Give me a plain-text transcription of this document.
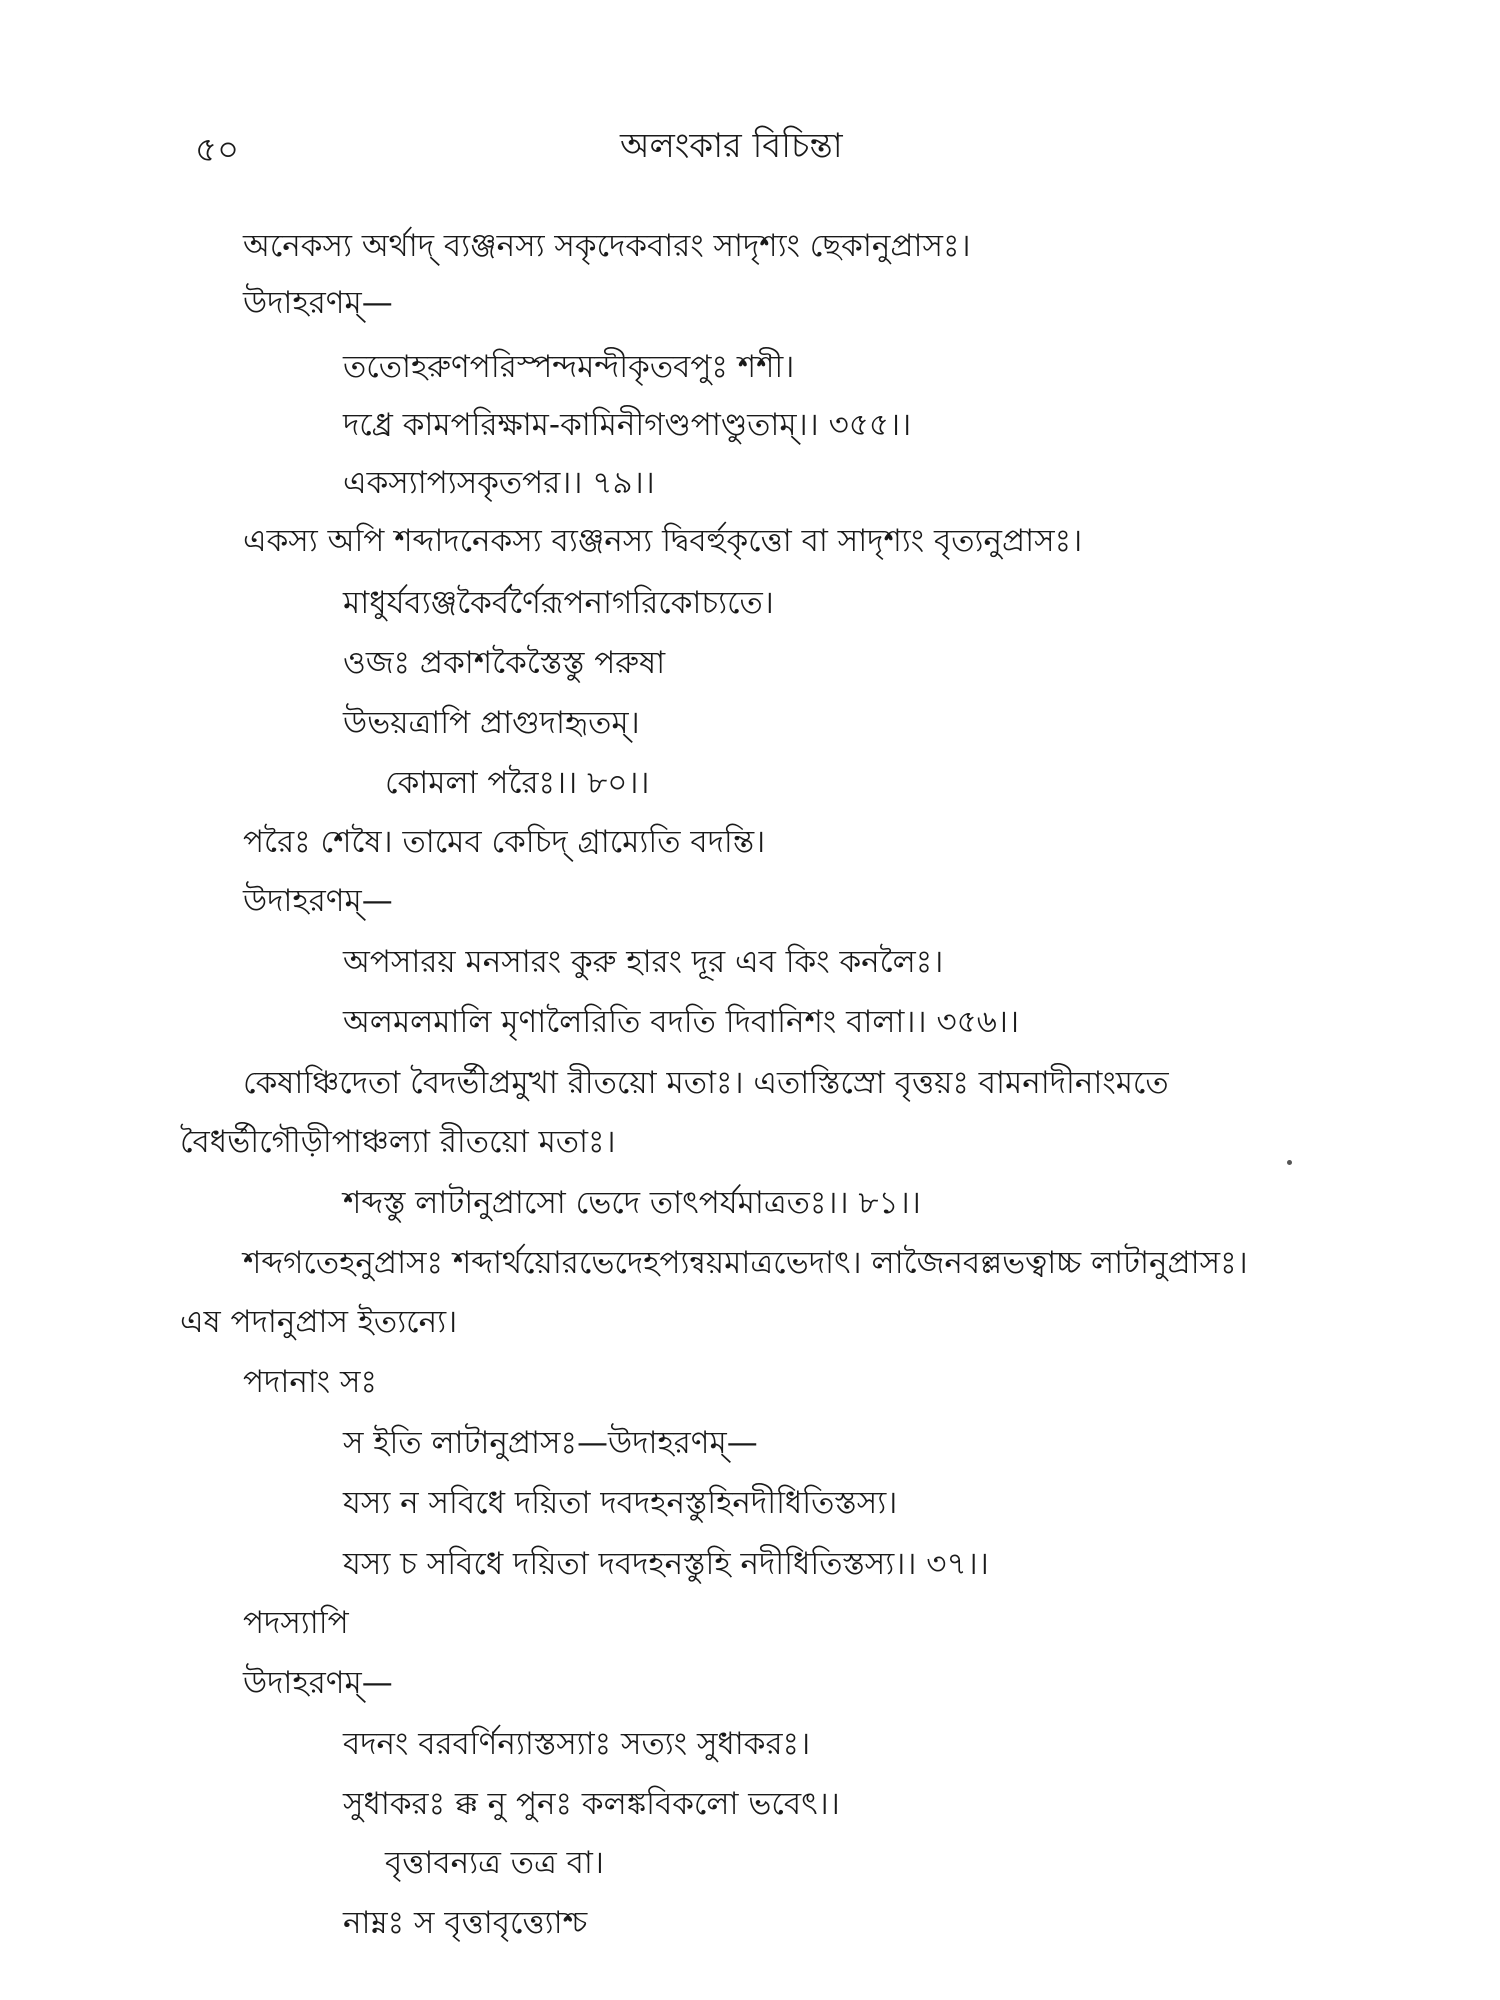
৫০	অলংকার বিচিন্তা
অনেকস্য অর্থাদ্ ব্যঞ্জনস্য সকৃদেকবারং সাদৃশ্যং ছেকানুপ্রাসঃ।
উদাহরণম্—
ততোহরুণপরিস্পন্দমন্দীকৃতবপুঃ শশী।
দধ্রে কামপরিক্ষাম-কামিনীগণ্ডপাণ্ডুতাম্।। ৩৫৫।।
একস্যাপ্যসকৃতপর।। ৭৯।।
একস্য অপি শব্দাদনেকস্য ব্যঞ্জনস্য দ্বিবর্হুকৃত্তো বা সাদৃশ্যং বৃত্যনুপ্রাসঃ।
মাধুর্যব্যঞ্জকৈর্বর্ণৈরূপনাগরিকোচ্যতে।
ওজঃ প্রকাশকৈস্তৈস্তু পরুষা
উভয়ত্রাপি প্রাগুদাহৃতম্।
কোমলা পরৈঃ।। ৮০।।
পরৈঃ শেষৈ। তামেব কেচিদ্ গ্রাম্যেতি বদন্তি।
উদাহরণম্—
অপসারয় মনসারং কুরু হারং দূর এব কিং কনলৈঃ।
অলমলমালি মৃণালৈরিতি বদতি দিবানিশং বালা।। ৩৫৬।।
কেষাঞ্চিদেতা বৈদর্ভীপ্রমুখা রীতয়ো মতাঃ। এতাস্তিস্রো বৃত্তয়ঃ বামনাদীনাংমতে
বৈধর্ভীগৌড়ীপাঞ্চল্যা রীতয়ো মতাঃ।
শব্দস্তু লাটানুপ্রাসো ভেদে তাৎপর্যমাত্রতঃ।। ৮১।।
শব্দগতেহনুপ্রাসঃ শব্দার্থয়োরভেদেহপ্যন্বয়মাত্রভেদাৎ। লাজৈনবল্লভত্বাচ্চ লাটানুপ্রাসঃ।
এষ পদানুপ্রাস ইত্যন্যে।
পদানাং সঃ
স ইতি লাটানুপ্রাসঃ—উদাহরণম্—
যস্য ন সবিধে দয়িতা দবদহনস্তুহিনদীধিতিস্তস্য।
যস্য চ সবিধে দয়িতা দবদহনস্তুহি নদীধিতিস্তস্য।। ৩৭।।
পদস্যাপি
উদাহরণম্—
বদনং বরবর্ণিন্যাস্তস্যাঃ সত্যং সুধাকরঃ।
সুধাকরঃ ক্ক নু পুনঃ কলঙ্কবিকলো ভবেৎ।।
বৃত্তাবন্যত্র তত্র বা।
নাম্নঃ স বৃত্তাবৃত্ত্যোশ্চ
